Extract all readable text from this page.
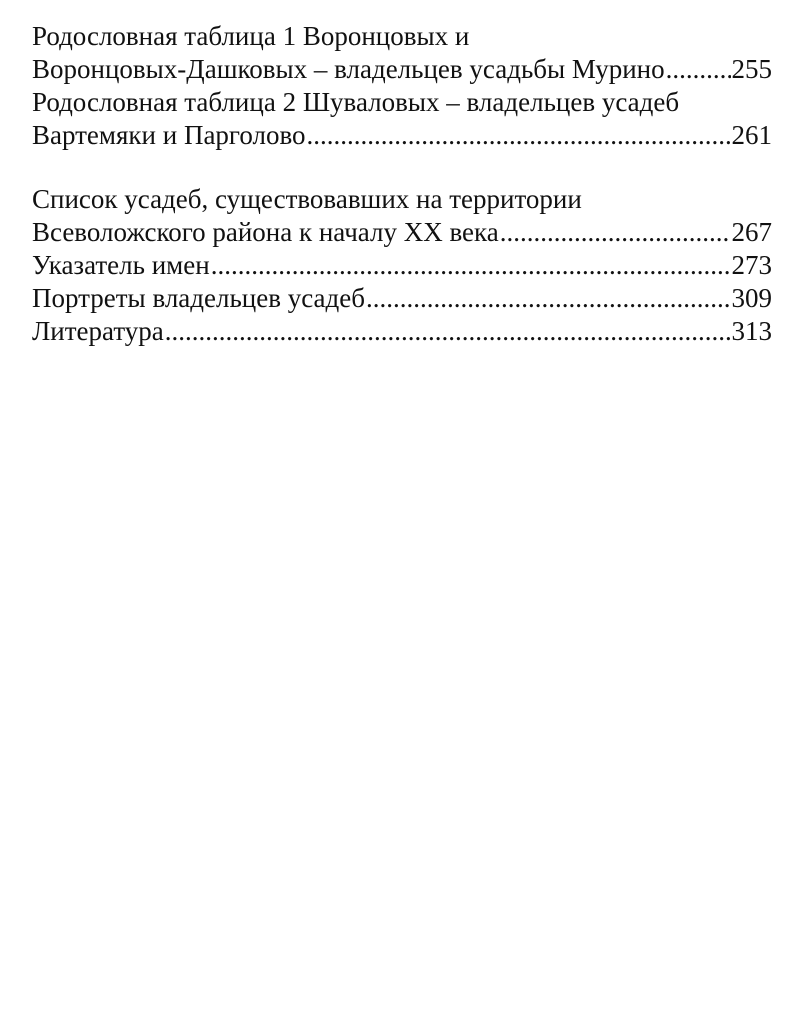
Родословная таблица 1 Воронцовых и
Воронцовых-Дашковых – владельцев усадьбы Мурино ..... 255
Родословная таблица 2 Шуваловых – владельцев усадеб
Вартемяки и Парголово .....	261
Список усадеб, существовавших на территории
Всеволожского района к началу XX века .....	267
Указатель имен .....	273
Портреты владельцев усадеб .....	309
Литература .....	313
